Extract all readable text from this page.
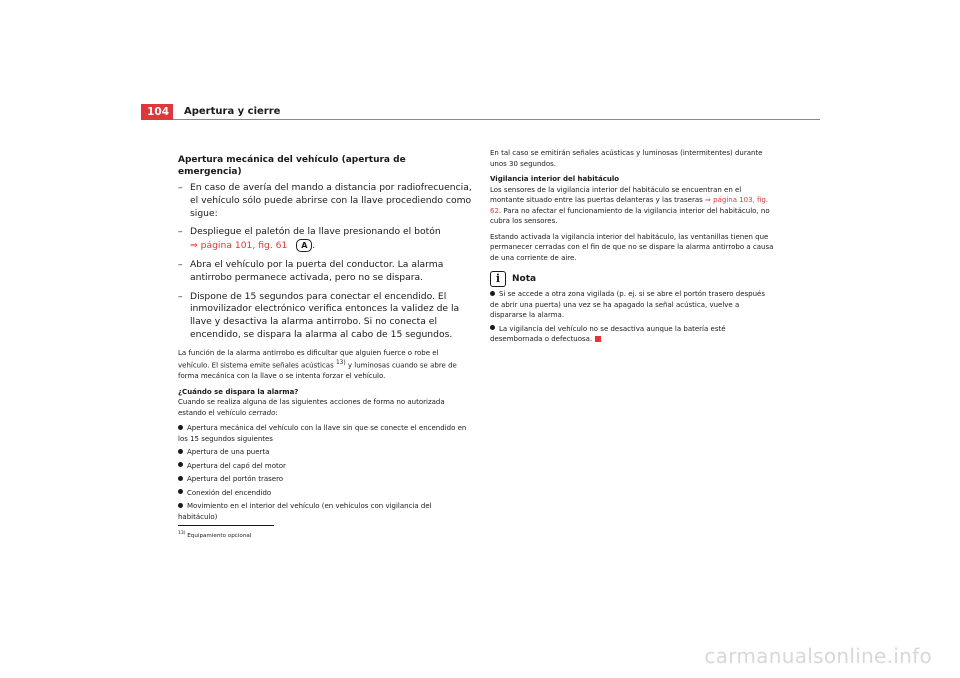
104	Apertura y cierre
Apertura mecánica del vehículo (apertura de emergencia)
– En caso de avería del mando a distancia por radiofrecuencia, el vehículo sólo puede abrirse con la llave procediendo como sigue:
– Despliegue el paletón de la llave presionando el botón
⇒ página 101, fig. 61 A .
– Abra el vehículo por la puerta del conductor. La alarma antirrobo permanece activada, pero no se dispara.
– Dispone de 15 segundos para conectar el encendido. El inmovilizador electrónico verifica entonces la validez de la llave y desactiva la alarma antirrobo. Si no conecta el encendido, se dispara la alarma al cabo de 15 segundos.

La función de la alarma antirrobo es dificultar que alguien fuerce o robe el vehículo. El sistema emite señales acústicas $^{13)}$ y luminosas cuando se abre de forma mecánica con la llave o se intenta forzar el vehículo.

¿Cuándo se dispara la alarma?

Cuando se realiza alguna de las siguientes acciones de forma no autorizada estando el vehículo cerrado:

Apertura mecánica del vehículo con la llave sin que se conecte el encendido en los 15 segundos siguientes
Apertura de una puerta
Apertura del capó del motor
Apertura del portón trasero
Conexión del encendido
Movimiento en el interior del vehículo (en vehículos con vigilancia del habitáculo)
$^{13)}$ Equipamiento opcional

En tal caso se emitirán señales acústicas y luminosas (intermitentes) durante unos 30 segundos.

Vigilancia interior del habitáculo

Los sensores de la vigilancia interior del habitáculo se encuentran en el montante situado entre las puertas delanteras y las traseras ⇒ página 103, fig. 62. Para no afectar el funcionamiento de la vigilancia interior del habitáculo, no cubra los sensores.

Estando activada la vigilancia interior del habitáculo, las ventanillas tienen que permanecer cerradas con el fin de que no se dispare la alarma antirrobo a causa de una corriente de aire.

i	Nota
Si se accede a otra zona vigilada (p. ej. si se abre el portón trasero después de abrir una puerta) una vez se ha apagado la señal acústica, vuelve a dispararse la alarma.
La vigilancia del vehículo no se desactiva aunque la batería esté desembornada o defectuosa.
carmanualsonline.info
